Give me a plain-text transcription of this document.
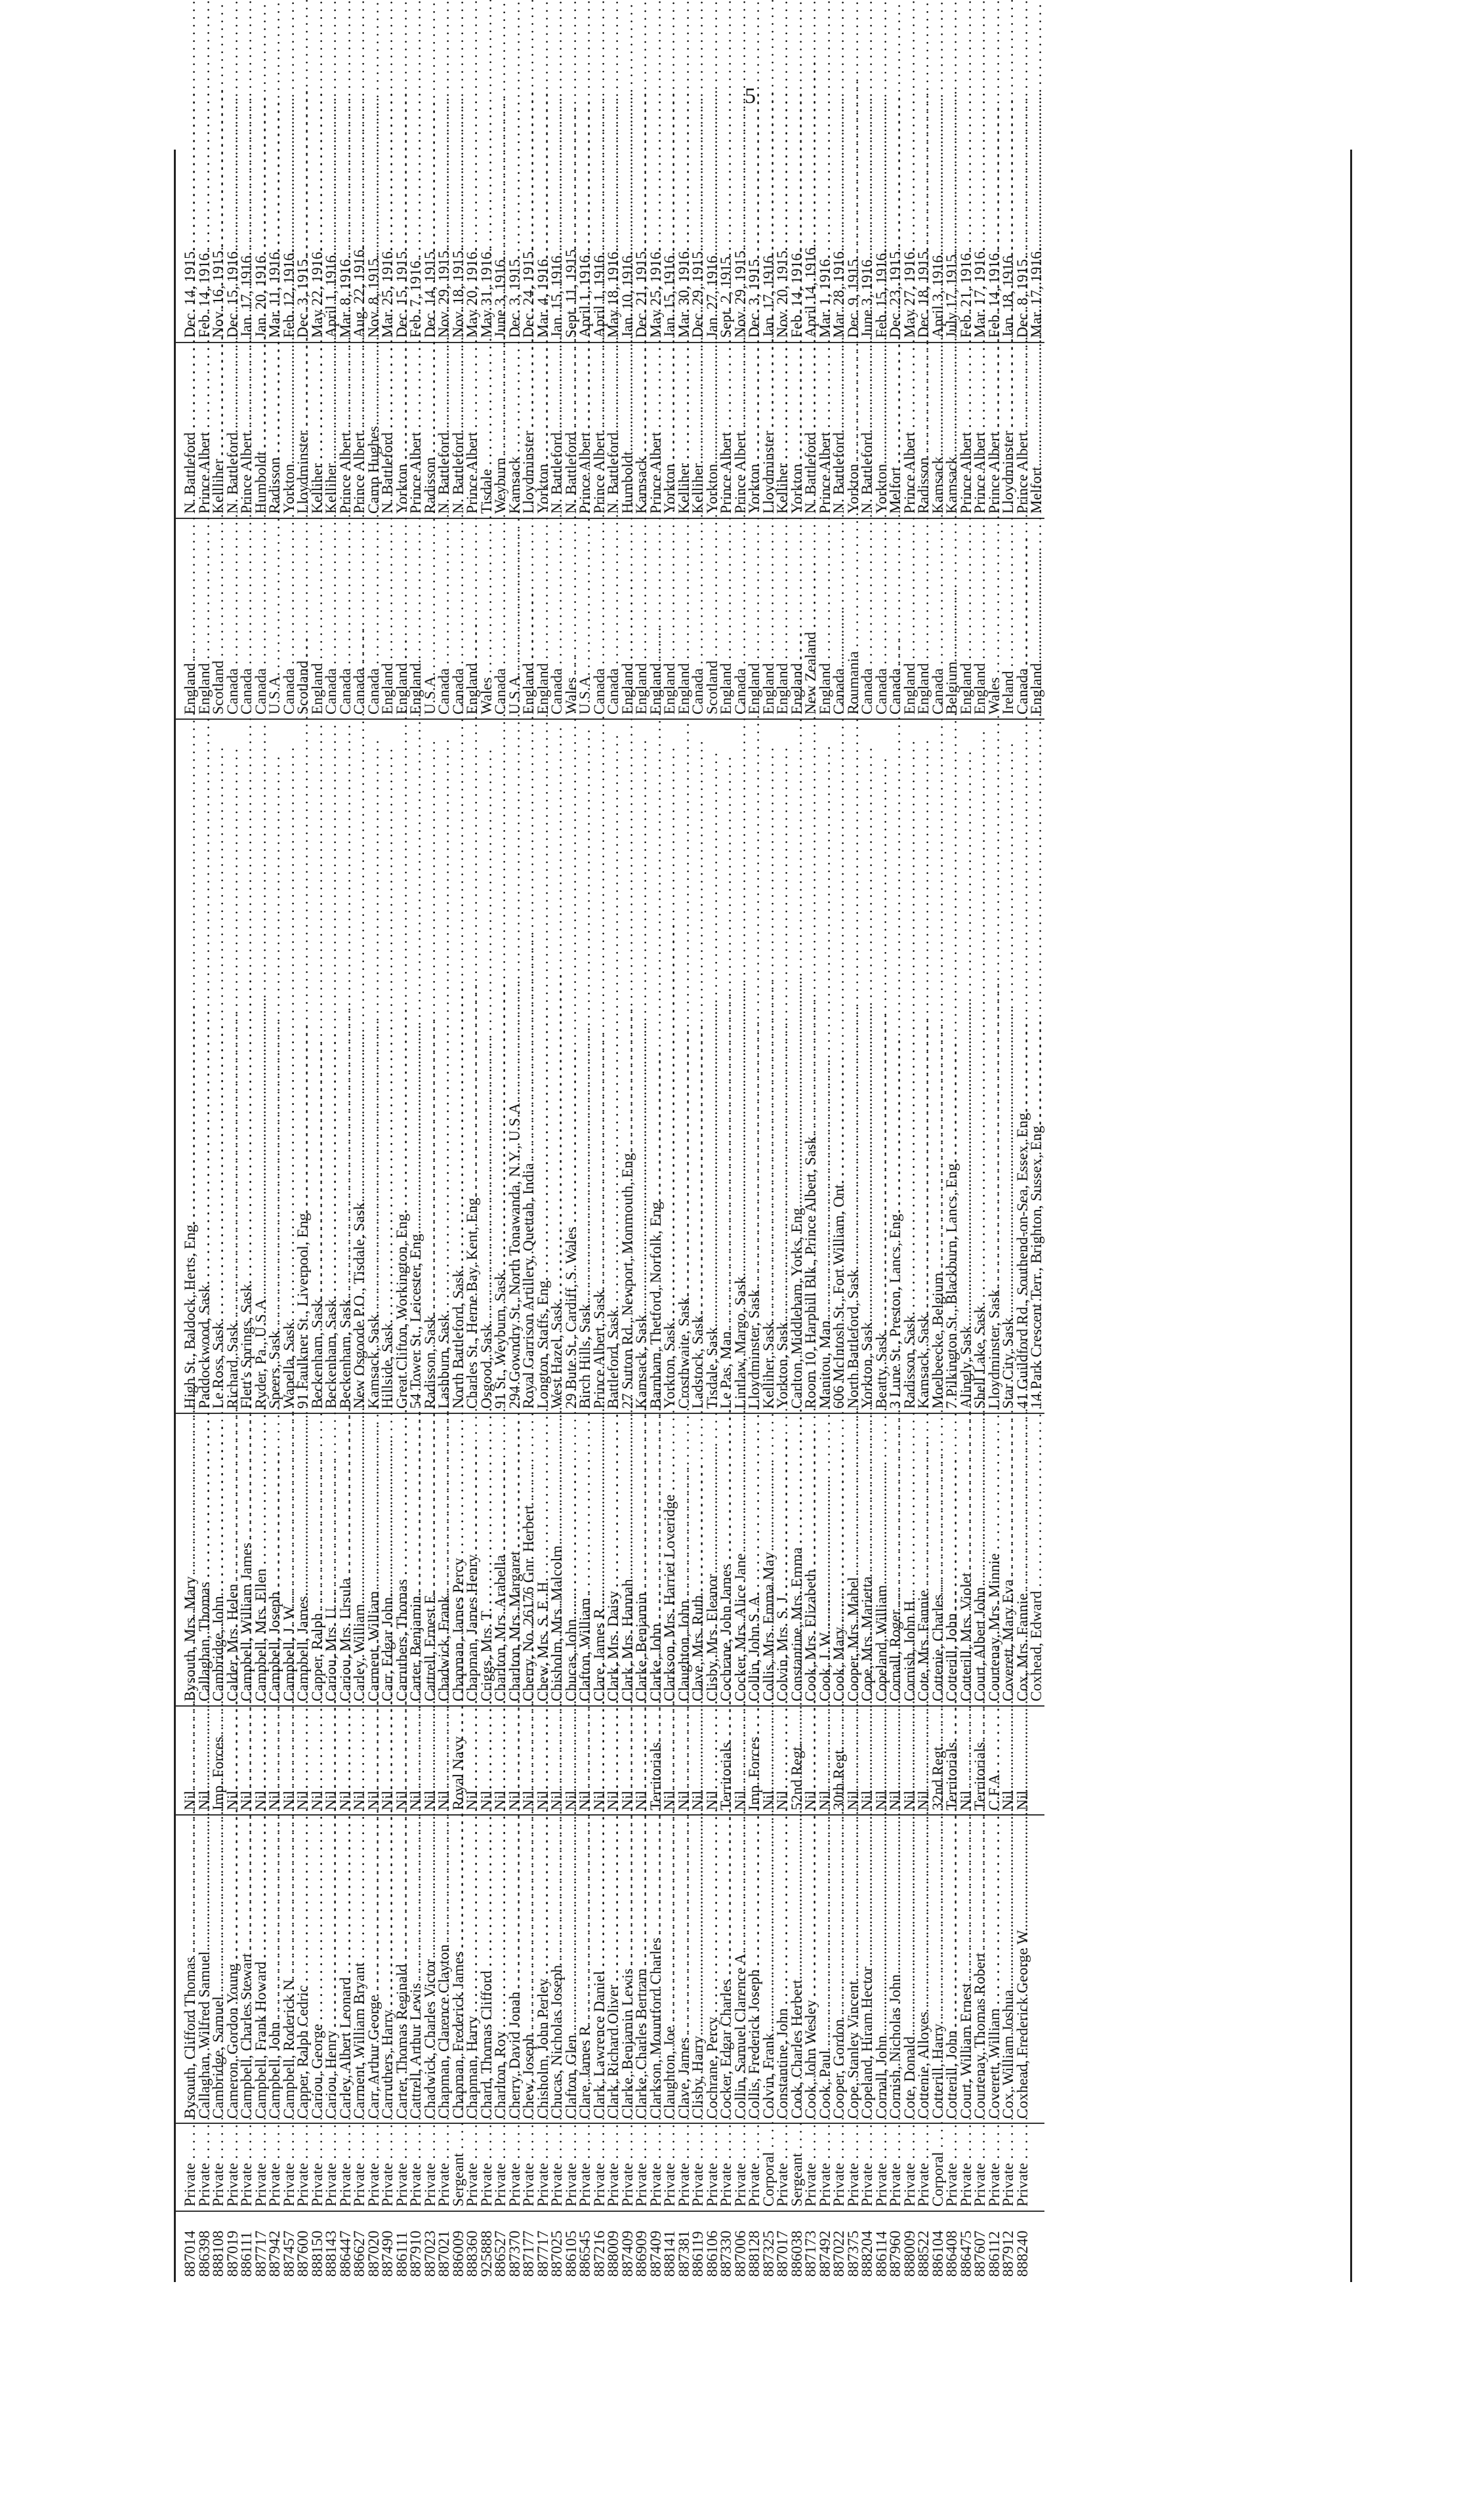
5
887014	Private . . .	Bysouth, Clifford Thomas . . .	Nil	Bysouth, Mrs. Mary . . .	High St., Baldock, Herts, Eng. . . .	England . . .	N. Battleford . . .	Dec. 14, 1915.
886398	Private . . .	Callaghan, Wilfred Samuel . . .	Nil	Callaghan, Thomas . . .	Paddockwood, Sask. . . .	England . . .	Prince Albert . . .	Feb. 14, 1916.
888108	Private . . .	Cambridge, Samuel . . .	Imp. Forces	Cambridge, John . . .	Le Ross, Sask. . . .	Scotland . . .	Kellliher . . .	Nov. 16, 1915.
887019	Private . . .	Cameron, Gordon Young . . .	Nil	Calder, Mrs. Helen . . .	Richard, Sask. . . .	Canada . . .	N. Battleford . . .	Dec. 15, 1916.
886111	Private . . .	Campbell, Charles Stewart . . .	Nil	Campbell, William James . . .	Flett's Springs, Sask. . . .	Canada . . .	Prince Albert . . .	Jan. 17, 1916.
887717	Private . . .	Campbell, Frank Howard . . .	Nil	Campbell, Mrs. Ellen . . .	Ryder, Pa., U.S.A. . . .	Canada . . .	Humboldt . . .	Jan. 20, 1916.
887942	Private . . .	Campbell, John . . .	Nil	Campbell, Joseph . . .	Speers, Sask. . . .	U.S.A. . . .	Radisson . . .	Mar. 11, 1916.
887457	Private . . .	Campbell, Roderick N. . . .	Nil	Campbell, J. W. . . .	Wapella, Sask. . . .	Canada . . .	Yorkton . . .	Feb. 12, 1916.
887600	Private . . .	Capper, Ralph Cedric . . .	Nil	Campbell, James . . .	91 Faulkner St., Liverpool, Eng. . . .	Scotland . . .	Lloydminster . . .	Dec. 3, 1915.
888150	Private . . .	Cariou, George . . .	Nil	Capper, Ralph . . .	Beckenham, Sask. . . .	England . . .	Kelliher . . .	May 22, 1916.
888143	Private . . .	Cariou, Henry . . .	Nil	Cariou, Mrs. U. . . .	Beckenham, Sask. . . .	Canada . . .	Kelliher . . .	April 1, 1916.
886447	Private . . .	Carley, Albert Leonard . . .	Nil	Cariou, Mrs. Ursula . . .	Beckenham, Sask. . . .	Canada . . .	Prince Albert . . .	Mar. 8, 1916.
886627	Private . . .	Carment, William Bryant . . .	Nil	Carley, William . . .	New Osgoode P.O., Tisdale, Sask. . . .	Canada . . .	Prince Albert . . .	Aug. 22, 1916.
887020	Private . . .	Carr, Arthur George . . .	Nil	Carment, William . . .	Kamsack, Sask. . . .	Canada . . .	Camp Hughes . . .	Nov. 8, 1915.
887490	Private . . .	Carruthers, Harry . . .	Nil	Carr, Edgar John . . .	Hillside, Sask. . . .	England . . .	N. Battleford . . .	Mar. 25, 1916.
886111	Private . . .	Carter, Thomas Reginald . . .	Nil	Carruthers, Thomas . . .	Great Clifton, Workington, Eng. . . .	England . . .	Yorkton . . .	Dec. 15, 1915.
887910	Private . . .	Cattrell, Arthur Lewis . . .	Nil	Carter, Benjamin . . .	54 Tower St., Leicester, Eng. . . .	England . . .	Prince Albert . . .	Feb. 7, 1916.
887023	Private . . .	Chadwick, Charles Victor . . .	Nil	Cattrell, Ernest E. . . .	Radisson, Sask. . . .	U.S.A. . . .	Radisson . . .	Dec. 14, 1915.
887021	Private . . .	Chapman, Clarence Clayton . . .	Nil	Chadwick, Frank . . .	Lashburn, Sask. . . .	Canada . . .	N. Battleford . . .	Nov. 29, 1915.
886009	Sergeant . . .	Chapman, Frederick James . . .	Royal Navy	Chapman, James Percy . . .	North Battleford, Sask. . . .	Canada . . .	N. Battleford . . .	Nov. 18, 1915.
888360	Private . . .	Chapman, Harry . . .	Nil	Chapman, James Henry . . .	Charles St., Herne Bay, Kent, Eng. . . .	England . . .	Prince Albert . . .	May 20, 1916.
925888	Private . . .	Chard, Thomas Clifford . . .	Nil	Criggs, Mrs. T. . . .	Osgood, Sask. . . .	Wales . . .	Tisdale . . .	May 31, 1916.
886527	Private . . .	Charlton, Roy . . .	Nil	Charlton, Mrs. Arabella . . .	91 St., Weyburn, Sask. . . .	Canada . . .	Weyburn . . .	June 3, 1916.
887370	Private . . .	Cherry, David Jonah . . .	Nil	Charlton, Mrs. Margaret . . .	294 Gowndry St., North Tonawanda, N.Y., U.S.A. . . .	U.S.A. . . .	Kamsack . . .	Dec. 3, 1915.
887177	Private . . .	Chew, Joseph . . .	Nil	Cherry, No. 26176 Gnr. Herbert . . .	Royal Garrison Artillery, Quettah, India . . .	England . . .	Lloydminster . . .	Dec. 24, 1915.
887717	Private . . .	Chisholm, John Perley . . .	Nil	Chew, Mrs. S. E. H. . . .	Longton, Staffs, Eng. . . .	England . . .	Yorkton . . .	Mar. 4, 1916.
887025	Private . . .	Chucas, Nicholas Joseph . . .	Nil	Chisholm, Mrs. Malcolm . . .	West Hazel, Sask. . . .	Canada . . .	N. Battleford . . .	Jan. 15, 1916.
886105	Private . . .	Clafton, Glen . . .	Nil	Chucas, John . . .	29 Bute St., Cardiff, S. Wales . . .	Wales . . .	N. Battleford . . .	Sept. 11, 1915.
886545	Private . . .	Clare, James R. . . .	Nil	Clafton, William . . .	Birch Hills, Sask. . . .	U.S.A. . . .	Prince Albert . . .	April 1, 1916.
887216	Private . . .	Clark, Lawrence Daniel . . .	Nil	Clare, James R. . . .	Prince Albert, Sask. . . .	Canada . . .	Prince Albert . . .	April 1, 1916.
888009	Private . . .	Clark, Richard Oliver . . .	Nil	Clark, Mrs. Daisy . . .	Battleford, Sask. . . .	Canada . . .	N. Battleford . . .	May 18, 1916.
887409	Private . . .	Clarke, Benjamin Lewis . . .	Nil	Clark, Mrs. Hannah . . .	27 Sutton Rd., Newport, Monmouth, Eng. . . .	England . . .	Humboldt . . .	Jan. 10, 1916.
886909	Private . . .	Clarke, Charles Bertram . . .	Nil	Clarke, Benjamin . . .	Kamsack, Sask. . . .	England . . .	Kamsack . . .	Dec. 21, 1915.
887409	Private . . .	Clarkson, Mountford Charles . . .	Territorials	Clarke, John . . .	Barnham, Thetford, Norfolk, Eng. . . .	England . . .	Prince Albert . . .	May 25, 1916.
888141	Private . . .	Claughton, Joe . . .	Nil	Clarkson, Mrs. Harriet Loveridge . . .	Yorkton, Sask. . . .	England . . .	Yorkton . . .	Jan. 15, 1916.
887381	Private . . .	Clave, James . . .	Nil	Claughton, John . . .	Crosthwaite, Sask. . . .	England . . .	Kelliher . . .	Mar. 30, 1916.
886119	Private . . .	Clisby, Harry . . .	Nil	Clave, Mrs. Ruth . . .	Ladstock, Sask. . . .	Canada . . .	Kelliher . . .	Dec. 29, 1915.
886106	Private . . .	Cochrane, Percy . . .	Nil	Clisby, Mrs. Eleanor . . .	Tisdale, Sask. . . .	Scotland . . .	Yorkton . . .	Jan. 27, 1916.
887330	Private . . .	Cocker, Edgar Charles . . .	Territorials	Cochrane, John James . . .	Le Pas, Man. . . .	England . . .	Prince Albert . . .	Sept. 2, 1915.
887006	Private . . .	Collin, Samuel Clarence A. . . .	Nil	Cocker, Mrs. Alice Jane . . .	Lintlaw, Margo, Sask. . . .	Canada . . .	Prince Albert . . .	Nov. 29, 1915.
888128	Private . . .	Collis, Frederick Joseph . . .	Imp. Forces	Collin, John S. A. . . .	Lloydminster, Sask. . . .	England . . .	Yorkton . . .	Dec. 3, 1915.
887325	Corporal . . .	Colvin, Frank . . .	Nil	Collis, Mrs. Emma May . . .	Kelliher, Sask. . . .	England . . .	Lloydminster . . .	Jan. 17, 1916.
887017	Private . . .	Constantine, John . . .	Nil	Colvin, Mrs. S. J. . . .	Yorkton, Sask. . . .	England . . .	Kelliher . . .	Nov. 20, 1915.
886038	Sergeant . . .	Cook, Charles Herbert . . .	52nd Regt.	Constantine, Mrs. Emma . . .	Carlton, Middleham, Yorks, Eng. . . .	England . . .	Yorkton . . .	Feb. 14, 1916.
887173	Private . . .	Cook, John Wesley . . .	Nil	Cook, Mrs. Elizabeth . . .	Room 10, Harphill Blk., Prince Albert, Sask. . . .	New Zealand . . .	N. Battleford . . .	April 14, 1916.
887492	Private . . .	Cook, Paul . . .	Nil	Cook, J. W. . . .	Manitou, Man. . . .	England . . .	Prince Albert . . .	Mar. 1, 1916.
887022	Private . . .	Cooper, Gordon . . .	30th Regt.	Cook, Mary . . .	606 McIntosh St., Fort William, Ont. . . .	Canada . . .	N. Battleford . . .	Mar. 28, 1916.
887375	Private . . .	Cope, Stanley Vincent . . .	Nil	Cooper, Mrs. Mabel . . .	North Battleford, Sask. . . .	Roumania . . .	Yorkton . . .	Dec. 9, 1915.
888204	Private . . .	Copeland, Hiram Hector . . .	Nil	Cope, Mrs. Marietta . . .	Yorkton, Sask. . . .	Canada . . .	N. Battleford . . .	June 3, 1916.
886114	Private . . .	Cornall, John . . .	Nil	Copeland, William . . .	Beatty, Sask. . . .	Canada . . .	Yorkton . . .	Feb. 15, 1916.
887960	Private . . .	Cornish, Nicholas John . . .	Nil	Cornall, Roger . . .	3 Lune St., Preston, Lancs, Eng. . . .	Canada . . .	Melfort . . .	Dec. 23, 1915.
888009	Private . . .	Cote, Donald . . .	Nil	Cornish, John H. . . .	Radisson, Sask. . . .	England . . .	Prince Albert . . .	May 27, 1916.
888522	Private . . .	Cottenie, Alloyes . . .	Nil	Cote, Mrs. Fannie . . .	Kamsack, Sask. . . .	England . . .	Radisson . . .	Dec. 18, 1915.
886104	Corporal . . .	Cotterill, Harry . . .	32nd Regt.	Cottenie, Charles . . .	Moelbeecke, Belgium . . .	Canada . . .	Kamsack . . .	April 3, 1916.
886408	Private . . .	Cotterill, John . . .	Territorials	Cotterill, John . . .	7 Pilkington St., Blackburn, Lancs, Eng. . . .	Belgium . . .	Kamsack . . .	July 17, 1915.
886475	Private . . .	Court, William Ernest . . .	Nil	Cotterill, Mrs. Violet . . .	Alingly, Sask. . . .	England . . .	Prince Albert . . .	Feb. 21, 1916.
887607	Private . . .	Courtenay, Thomas Robert . . .	Territorials	Court, Albert John . . .	Shell Lake, Sask. . . .	England . . .	Prince Albert . . .	Mar. 17, 1916.
886112	Private . . .	Coverett, William . . .	C.F.A.	Courtenay, Mrs. Minnie . . .	Lloydminster, Sask. . . .	Wales . . .	Prince Albert . . .	Feb. 14, 1916.
887912	Private . . .	Cox, William Joshua . . .	Nil	Coverett, Mary Eva . . .	Star City, Sask. . . .	Ireland . . .	Lloydminster . . .	Jan. 18, 1916.
888240	Private . . .	Coxhead, Frederick George W. . . .	Nil	Cox, Mrs. Fannie . . .	41 Guildford Rd., Southend-on-Sea, Essex, Eng. . . .	Canada . . .	Prince Albert . . .	Dec. 8, 1915.
				Coxhead, Edward . . .	14 Park Crescent Terr., Brighton, Sussex, Eng. . . .	England . . .	Melfort . . .	Mar. 17, 1916.
